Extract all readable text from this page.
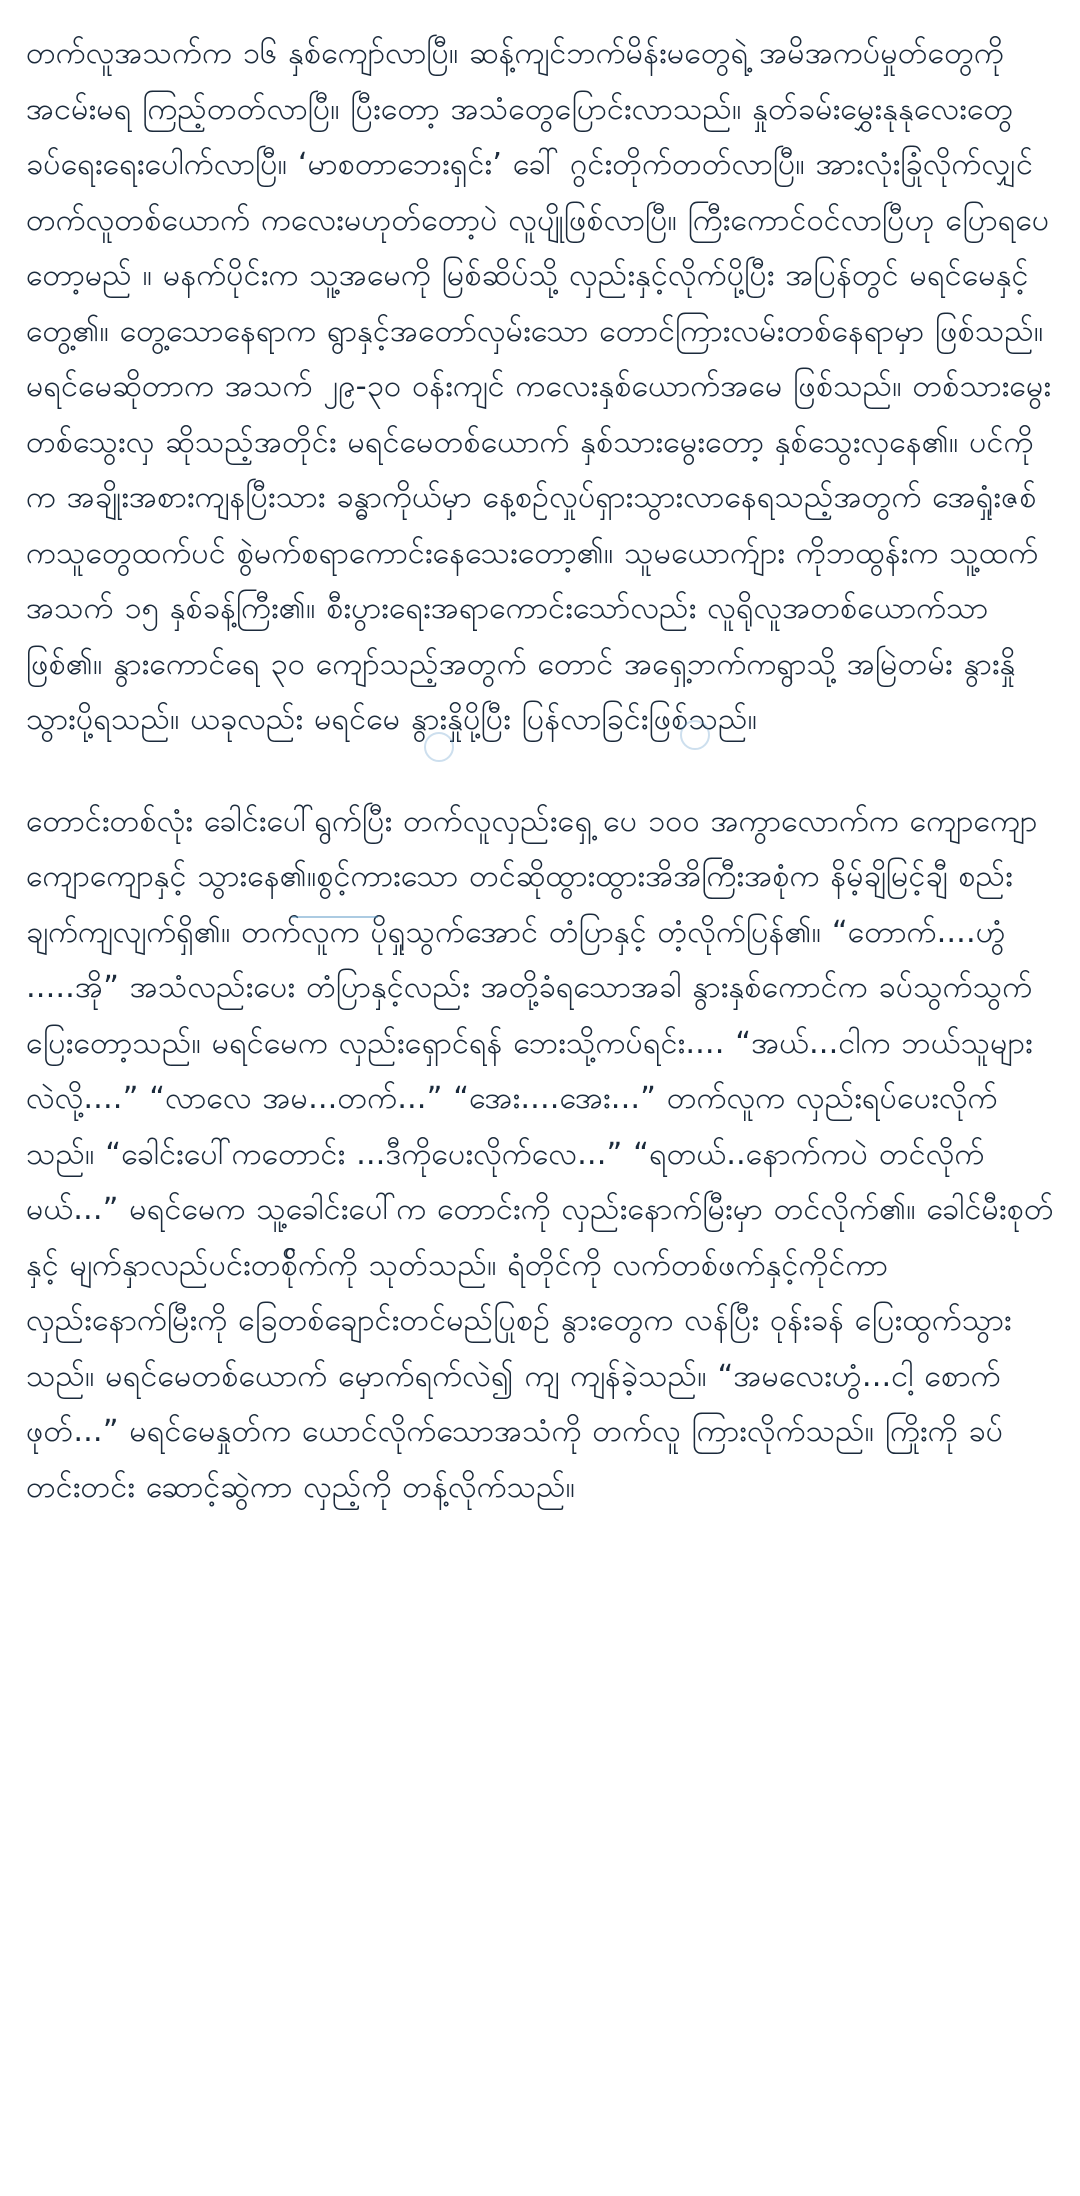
တက်လူအသက်က ၁၆ နှစ်ကျော်လာပြီ။ ဆန့်ကျင်ဘက်မိန်းမတွေရဲ့ အမိအကပ်မှုတ်တွေကို အငမ်းမရ ကြည့်တတ်လာပြီ။ ပြီးတော့ အသံတွေပြောင်းလာသည်။ နှုတ်ခမ်းမွှေးနုနုလေးတွေ ခပ်ရေးရေးပေါက်လာပြီ။ ‘မာစတာဘေးရှင်း’ ခေါ် ဂွင်းတိုက်တတ်လာပြီ။ အားလုံးခြုံလိုက်လျှင် တက်လူတစ်ယောက် ကလေးမဟုတ်တော့ပဲ လူပျိုဖြစ်လာပြီ။ ကြီးကောင်ဝင်လာပြီဟု ပြောရပေတော့မည် ။ မနက်ပိုင်းက သူ့အမေကို မြစ်ဆိပ်သို့ လှည်းနှင့်လိုက်ပို့ပြီး အပြန်တွင် မရင်မေနှင့် တွေ့၏။ တွေ့သောနေရာက ရွာနှင့်အတော်လှမ်းသော တောင်ကြားလမ်းတစ်နေရာမှာ ဖြစ်သည်။မရင်မေဆိုတာက အသက် ၂၉-၃၀ ဝန်းကျင် ကလေးနှစ်ယောက်အမေ ဖြစ်သည်။ တစ်သားမွေးတစ်သွေးလှ ဆိုသည့်အတိုင်း မရင်မေတစ်ယောက် နှစ်သားမွေးတော့ နှစ်သွေးလှနေ၏။ ပင်ကိုက အချိုးအစားကျနပြီးသား ခန္ဓာကိုယ်မှာ နေ့စဉ်လှုပ်ရှားသွားလာနေရသည့်အတွက် အေရှုံးဇစ်ကသူတွေထက်ပင် စွဲမက်စရာကောင်းနေသေးတော့၏။ သူမယောက်ျား ကိုဘထွန်းက သူ့ထက် အသက် ၁၅ နှစ်ခန့်ကြီး၏။ စီးပွားရေးအရာကောင်းသော်လည်း လူရိုလူအတစ်ယောက်သာ ဖြစ်၏။ နွားကောင်ရေ ၃၀ ကျော်သည့်အတွက် တောင် အရှေ့ဘက်ကရွာသို့ အမြဲတမ်း နွားနှိုသွားပို့ရသည်။ ယခုလည်း မရင်မေ နွားနှိုပို့ပြီး ပြန်လာခြင်းဖြစ်သည်။

တောင်းတစ်လုံး ခေါင်းပေါ်ရွက်ပြီး တက်လူလှည်းရှေ့ ပေ ၁၀၀ အကွာလောက်က ကျောကျော ကျောကျောနှင့် သွားနေ၏။စွင့်ကားသော တင်ဆိုထွားထွားအိအိကြီးအစုံက နိမ့်ချိမြင့်ချီ စည်းချက်ကျလျက်ရှိ၏။ တက်လူက ပိုရှုသွက်အောင် တံပြာနှင့် တံ့လိုက်ပြန်၏။ “တောက်....ဟွံ .....အို” အသံလည်းပေး တံပြာနှင့်လည်း အတို့ခံရသောအခါ နွားနှစ်ကောင်က ခပ်သွက်သွက် ပြေးတော့သည်။ မရင်မေက လှည်းရှောင်ရန် ဘေးသို့ကပ်ရင်း.... “အယ်...ငါက ဘယ်သူများလဲလို့....” “လာလေ အမ...တက်...” “အေး....အေး...” တက်လူက လှည်းရပ်ပေးလိုက်သည်။ “ခေါင်းပေါ်ကတောင်း ...ဒီကိုပေးလိုက်လေ...” “ရတယ်..နောက်ကပဲ တင်လိုက်မယ်...” မရင်မေက သူ့ခေါင်းပေါ်က တောင်းကို လှည်းနောက်မြီးမှာ တင်လိုက်၏။ ခေါင်မီးစုတ်နှင့် မျက်နှာလည်ပင်းတစ်ိုက်ကို သုတ်သည်။ ရံတိုင်ကို လက်တစ်ဖက်နှင့်ကိုင်ကာ လှည်းနောက်မြီးကို ခြေတစ်ချောင်းတင်မည်ပြုစဉ် နွားတွေက လန်ပြီး ဝုန်းခန် ပြေးထွက်သွားသည်။ မရင်မေတစ်ယောက် မှောက်ရက်လဲ၍ ကျ ကျန်ခဲ့သည်။ “အမလေးဟွံ...ငါ့ စောက်ဖုတ်...” မရင်မေနှုတ်က ယောင်လိုက်သောအသံကို တက်လူ ကြားလိုက်သည်။ ကြိုးကို ခပ်တင်းတင်း ဆောင့်ဆွဲကာ လှည့်ကို တန့်လိုက်သည်။
